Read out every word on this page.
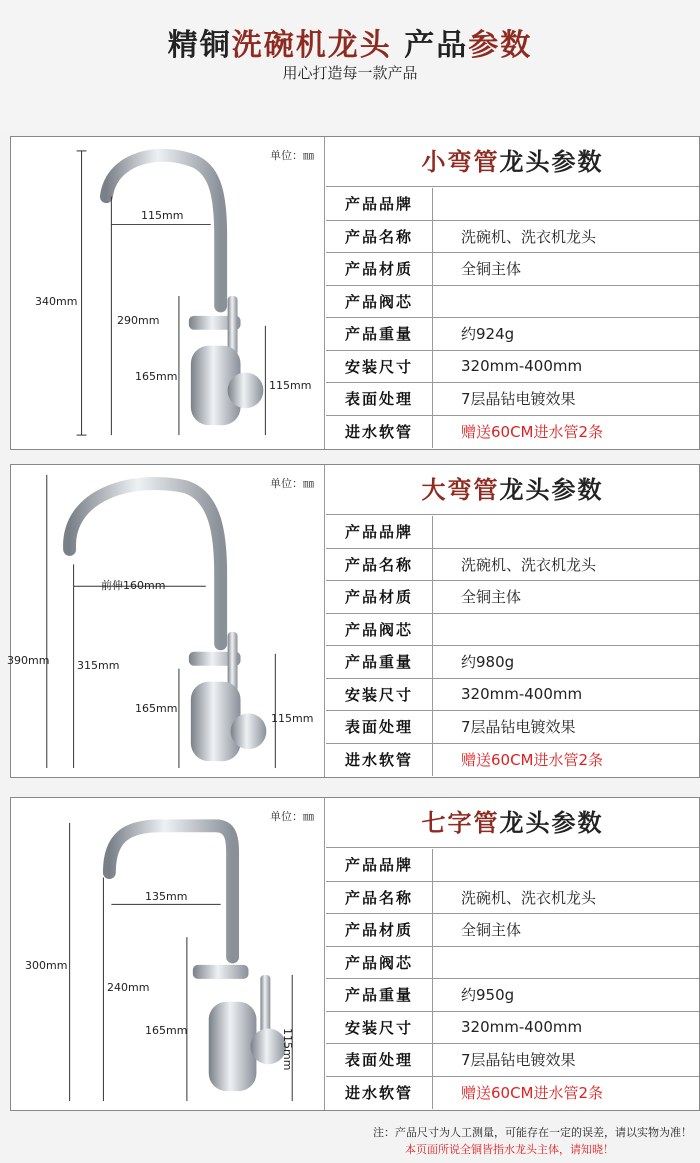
精铜洗碗机龙头 产品参数
用心打造每一款产品
单位：㎜
340mm
115mm
290mm
165mm
115mm
小弯管龙头参数
产品品牌
产品名称	洗碗机、洗衣机龙头
产品材质	全铜主体
产品阀芯
产品重量	约924g
安装尺寸	320mm-400mm
表面处理	7层晶钻电镀效果
进水软管	赠送60CM进水管2条
单位：㎜
390mm
前伸160mm
315mm
165mm
115mm
大弯管龙头参数
产品品牌
产品名称	洗碗机、洗衣机龙头
产品材质	全铜主体
产品阀芯
产品重量	约980g
安装尺寸	320mm-400mm
表面处理	7层晶钻电镀效果
进水软管	赠送60CM进水管2条
单位：㎜
300mm
135mm
240mm
165mm	115mm
七字管龙头参数
产品品牌
产品名称	洗碗机、洗衣机龙头
产品材质	全铜主体
产品阀芯
产品重量	约950g
安装尺寸	320mm-400mm
表面处理	7层晶钻电镀效果
进水软管	赠送60CM进水管2条
注：产品尺寸为人工测量，可能存在一定的误差，请以实物为准！
本页面所说全铜皆指水龙头主体，请知晓！
